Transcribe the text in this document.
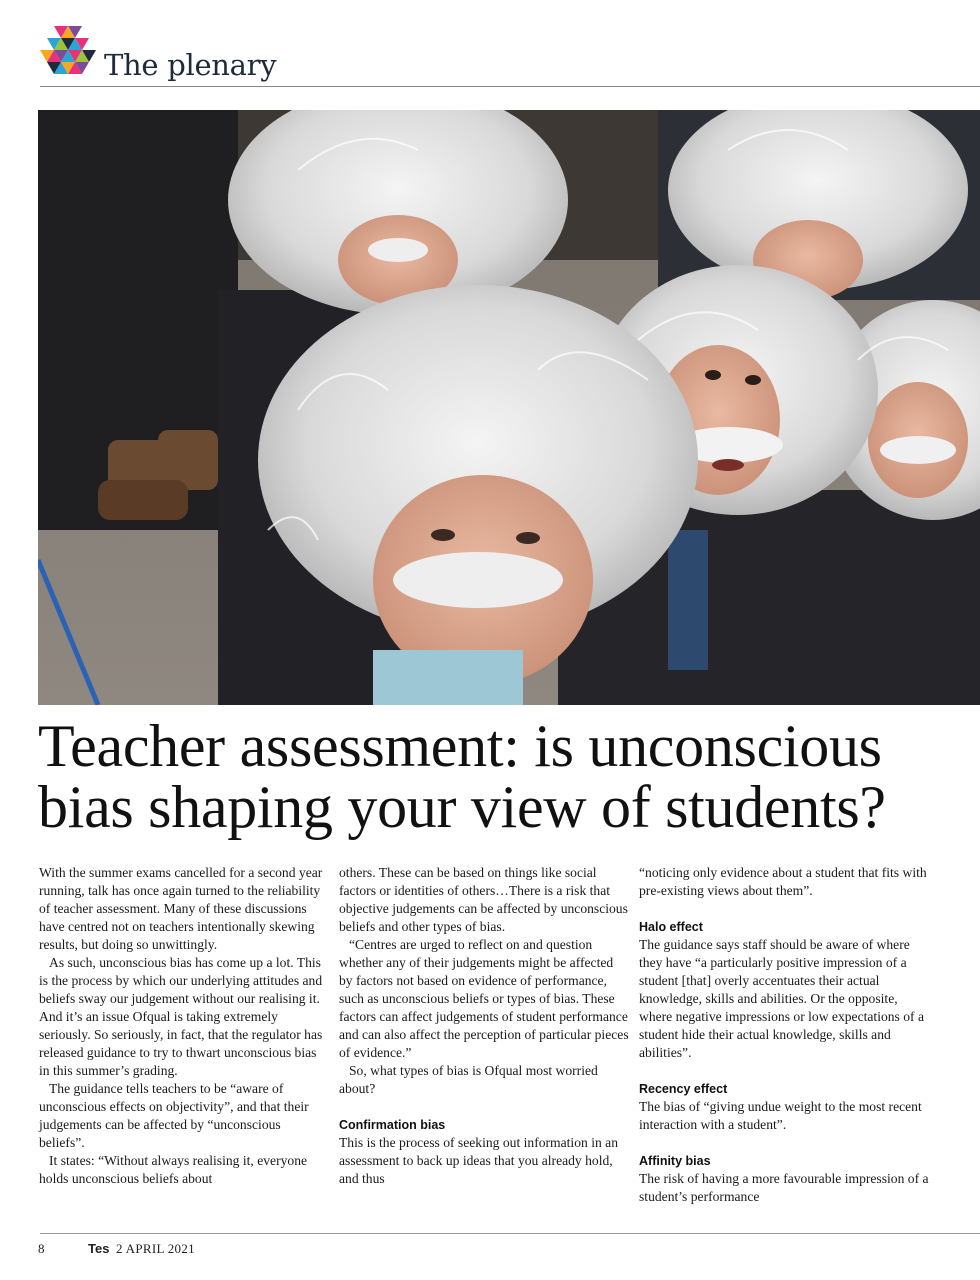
The plenary
Teacher assessment: is unconscious bias shaping your view of students?

With the summer exams cancelled for a second year running, talk has once again turned to the reliability of teacher assessment. Many of these discussions have centred not on teachers intentionally skewing results, but doing so unwittingly.

As such, unconscious bias has come up a lot. This is the process by which our underlying attitudes and beliefs sway our judgement without our realising it. And it’s an issue Ofqual is taking extremely seriously. So seriously, in fact, that the regulator has released guidance to try to thwart unconscious bias in this summer’s grading.

The guidance tells teachers to be “aware of unconscious effects on objectivity”, and that their judgements can be affected by “unconscious beliefs”.

It states: “Without always realising it, everyone holds unconscious beliefs about

others. These can be based on things like social factors or identities of others…There is a risk that objective judgements can be affected by unconscious beliefs and other types of bias.

“Centres are urged to reflect on and question whether any of their judgements might be affected by factors not based on evidence of performance, such as unconscious beliefs or types of bias. These factors can affect judgements of student performance and can also affect the perception of particular pieces of evidence.”

So, what types of bias is Ofqual most worried about?

Confirmation bias

This is the process of seeking out information in an assessment to back up ideas that you already hold, and thus

“noticing only evidence about a student that fits with pre-existing views about them”.

Halo effect

The guidance says staff should be aware of where they have “a particularly positive impression of a student [that] overly accentuates their actual knowledge, skills and abilities. Or the opposite, where negative impressions or low expectations of a student hide their actual knowledge, skills and abilities”.

Recency effect

The bias of “giving undue weight to the most recent interaction with a student”.

Affinity bias

The risk of having a more favourable impression of a student’s performance

8	Tes 2 APRIL 2021
